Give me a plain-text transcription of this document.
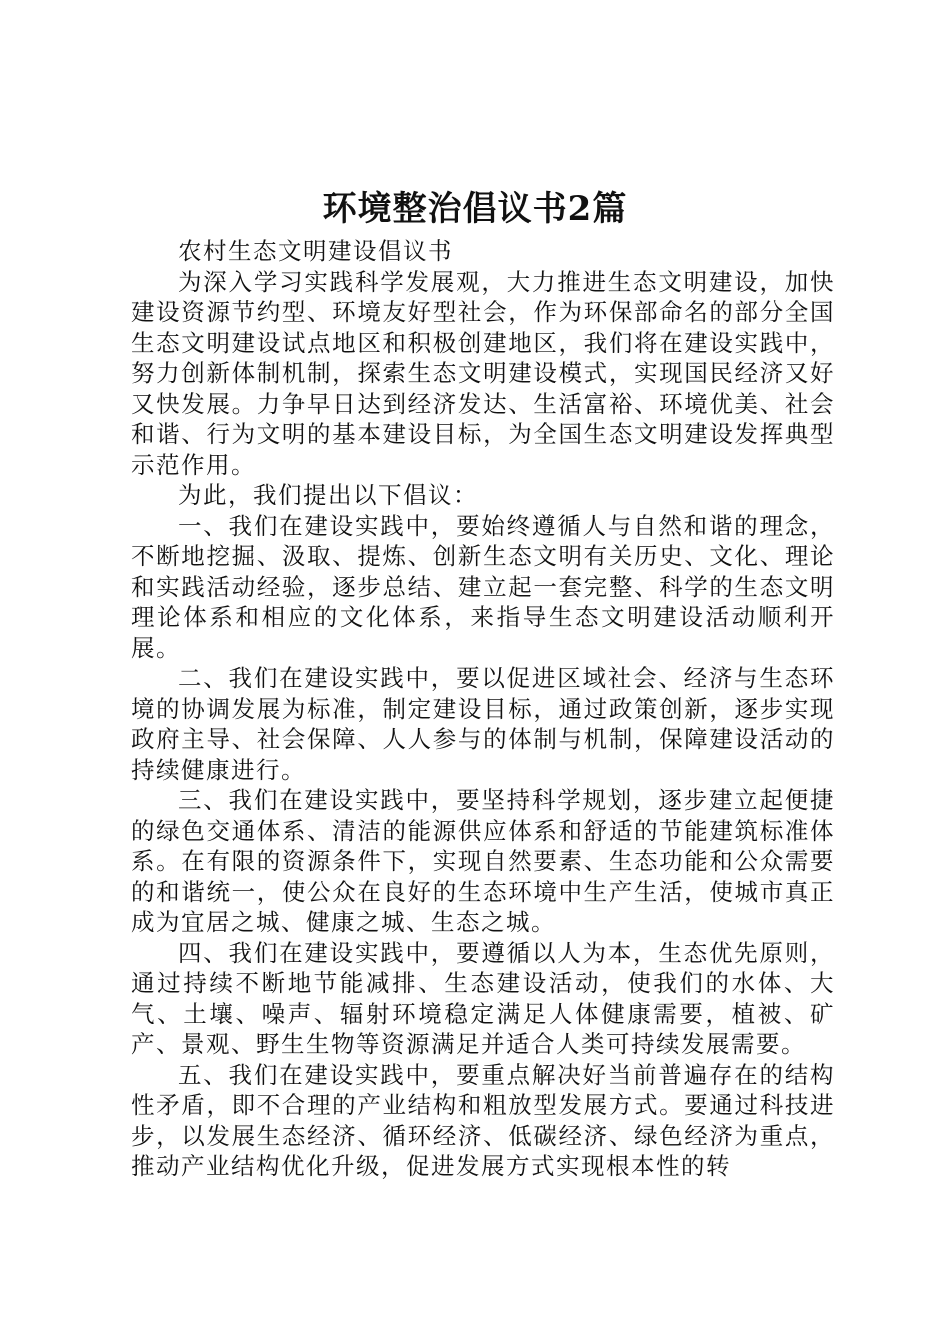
环境整治倡议书2篇

农村生态文明建设倡议书

为深入学习实践科学发展观，大力推进生态文明建设，加快建设资源节约型、环境友好型社会，作为环保部命名的部分全国生态文明建设试点地区和积极创建地区，我们将在建设实践中，努力创新体制机制，探索生态文明建设模式，实现国民经济又好又快发展。力争早日达到经济发达、生活富裕、环境优美、社会和谐、行为文明的基本建设目标，为全国生态文明建设发挥典型示范作用。

为此，我们提出以下倡议：

一、我们在建设实践中，要始终遵循人与自然和谐的理念，不断地挖掘、汲取、提炼、创新生态文明有关历史、文化、理论和实践活动经验，逐步总结、建立起一套完整、科学的生态文明理论体系和相应的文化体系，来指导生态文明建设活动顺利开展。

二、我们在建设实践中，要以促进区域社会、经济与生态环境的协调发展为标准，制定建设目标，通过政策创新，逐步实现政府主导、社会保障、人人参与的体制与机制，保障建设活动的持续健康进行。

三、我们在建设实践中，要坚持科学规划，逐步建立起便捷的绿色交通体系、清洁的能源供应体系和舒适的节能建筑标准体系。在有限的资源条件下，实现自然要素、生态功能和公众需要的和谐统一，使公众在良好的生态环境中生产生活，使城市真正成为宜居之城、健康之城、生态之城。

四、我们在建设实践中，要遵循以人为本，生态优先原则，通过持续不断地节能减排、生态建设活动，使我们的水体、大气、土壤、噪声、辐射环境稳定满足人体健康需要，植被、矿产、景观、野生生物等资源满足并适合人类可持续发展需要。

五、我们在建设实践中，要重点解决好当前普遍存在的结构性矛盾，即不合理的产业结构和粗放型发展方式。要通过科技进步，以发展生态经济、循环经济、低碳经济、绿色经济为重点，推动产业结构优化升级，促进发展方式实现根本性的转
